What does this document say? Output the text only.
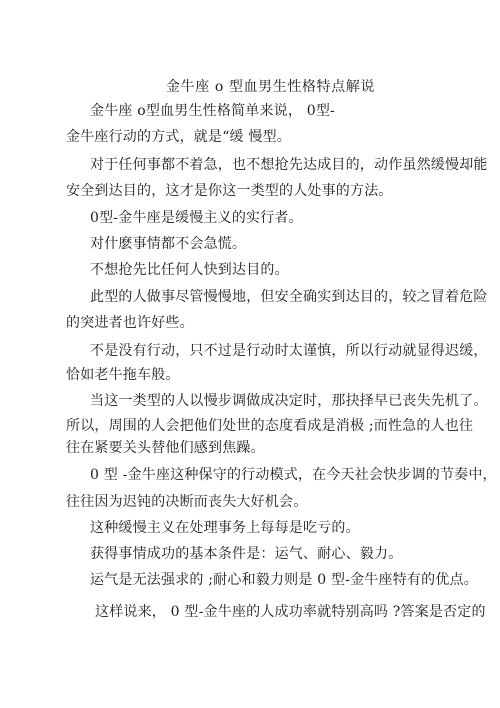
金牛座 o 型血男生性格特点解说
金牛座 o型血男生性格简单来说， 0型-
金牛座行动的方式，就是“缓 慢型。
对于任何事都不着急，也不想抢先达成目的，动作虽然缓慢却能
安全到达目的，这才是你这一类型的人处事的方法。
0型-金牛座是缓慢主义的实行者。
对什麽事情都不会急慌。
不想抢先比任何人快到达目的。
此型的人做事尽管慢慢地，但安全确实到达目的，较之冒着危险
的突进者也许好些。
不是没有行动，只不过是行动时太谨慎，所以行动就显得迟缓，
恰如老牛拖车般。
当这一类型的人以慢步调做成决定时，那抉择早已丧失先机了。
所以，周围的人会把他们处世的态度看成是消极 ;而性急的人也往
往在紧要关头替他们感到焦躁。
0 型 -金牛座这种保守的行动模式，在今天社会快步调的节奏中，
往往因为迟钝的决断而丧失大好机会。
这种缓慢主义在处理事务上每每是吃亏的。
获得事情成功的基本条件是：运气、耐心、毅力。
运气是无法强求的 ;耐心和毅力则是 0 型-金牛座特有的优点。
这样说来， 0 型-金牛座的人成功率就特别高吗 ?答案是否定的
